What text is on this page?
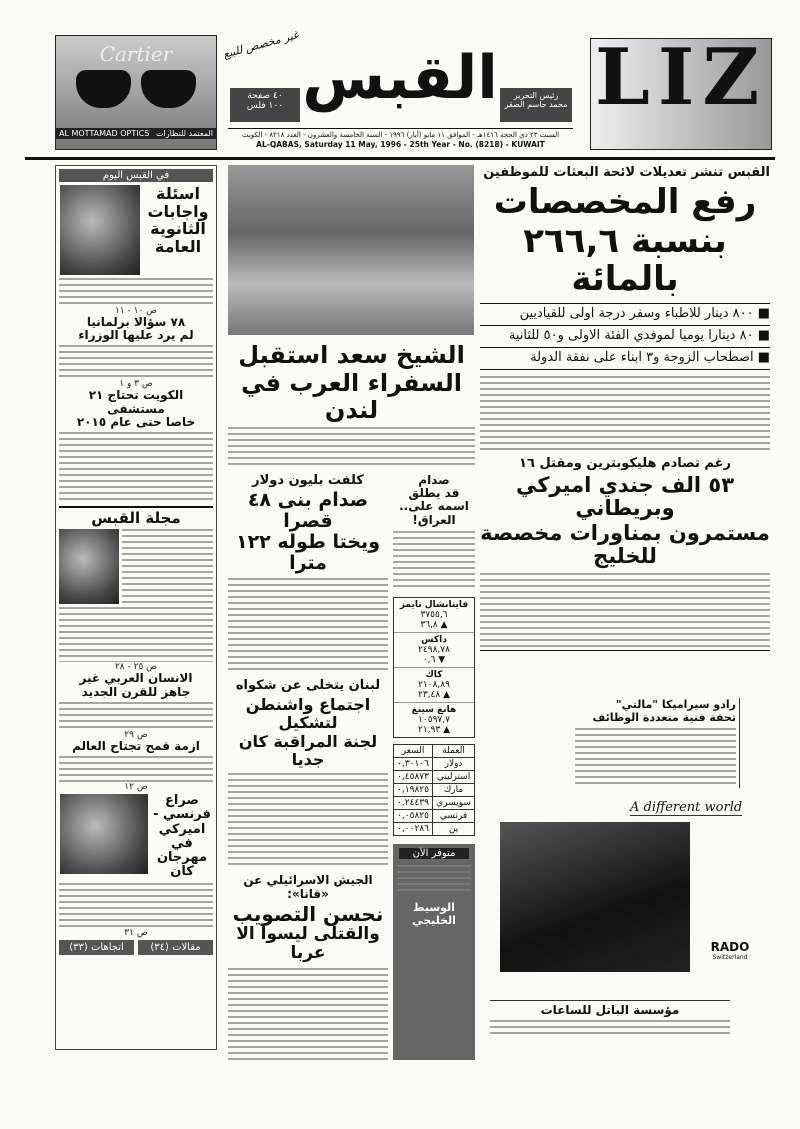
Cartier
المعتمد للنظارات
AL MOTTAMAD OPTICS
غير مخصص للبيع
٤٠ صفحة
١٠٠ فلس القبس	رئيس التحرير
محمد جاسم الصقر
السبت ٢٣ ذي الحجة ١٤١٦هـ - الموافق ١١ مايو (أيار) ١٩٩٦ - السنة الخامسة والعشرون - العدد ٨٢١٨ - الكويت
AL-QABAS, Saturday 11 May, 1996 - 25th Year - No. (8218) - KUWAIT
LIZ
القبس تنشر تعديلات لائحة البعثات للموظفين
رفع المخصصات
بنسبة ٢٦٦,٦ بالمائة
■ ٨٠٠ دينار للاطباء وسفر درجة اولى للقياديين
■ ٨٠ دينارا يوميا لموفدي الفئة الاولى و٥٠ للثانية
■ اصطحاب الزوجة و٣ ابناء على نفقة الدولة
رغم تصادم هليكوبترين ومقتل ١٦
٥٣ الف جندي اميركي وبريطاني
مستمرون بمناورات مخصصة للخليج
رادو سيراميكا "مالتي"
تحفة فنية متعددة الوظائف
A different world
RADO
Switzerland
مؤسسة الباتل للساعات
الشيخ سعد استقبل
السفراء العرب في لندن
صدام
قد يطلق اسمه على.. العراق!
فاينانشال تايمز
٣٧٥٥,٦
▲ ٣٦,٨
داكس
٢٤٩٨,٧٨
▼ ٠,٦
كاك
٢١٠٨,٨٩
▲ ٢٣,٤٨
هانغ سينغ
١٠٥٩٧,٧
▲ ٢١,٩٣
العملة	السعر
دولار	٠,٣٠١٠٦
استرليني	٠,٤٥٨٧٣
مارك	٠,١٩٨٢٥
سويسري	٠,٢٤٤٣٩
فرنسي	٠,٠٥٨٢٥
ين	٠,٠٠٢٨٦
متوفر الآن
الوسيط الخليجي
كلفت بليون دولار
صدام بنى ٤٨ قصرا
ويختا طوله ١٢٢ مترا
لبنان يتخلى عن شكواه
اجتماع واشنطن لتشكيل
لجنة المراقبة كان جديا
الجيش الاسرائيلي عن «قانا»:
نحسن التصويب
والقتلى ليسوا الا عربا
في القبس اليوم
اسئلة واجابات الثانوية العامة
ص ١٠ - ١١
٧٨ سؤالا برلمانيا
لم يرد عليها الوزراء
ص ٣ و ١
الكويت تحتاج ٢١ مستشفى
خاصا حتى عام ٢٠١٥
مجلة القبس
ص ٢٥ - ٢٨
الانسان العربي غير
جاهز للقرن الجديد
ص ٢٩
ازمة قمح تجتاح العالم
ص ١٢
صراع فرنسي - اميركي في مهرجان كان
ص ٣١
مقالات (٣٤)
اتجاهات (٣٣)
